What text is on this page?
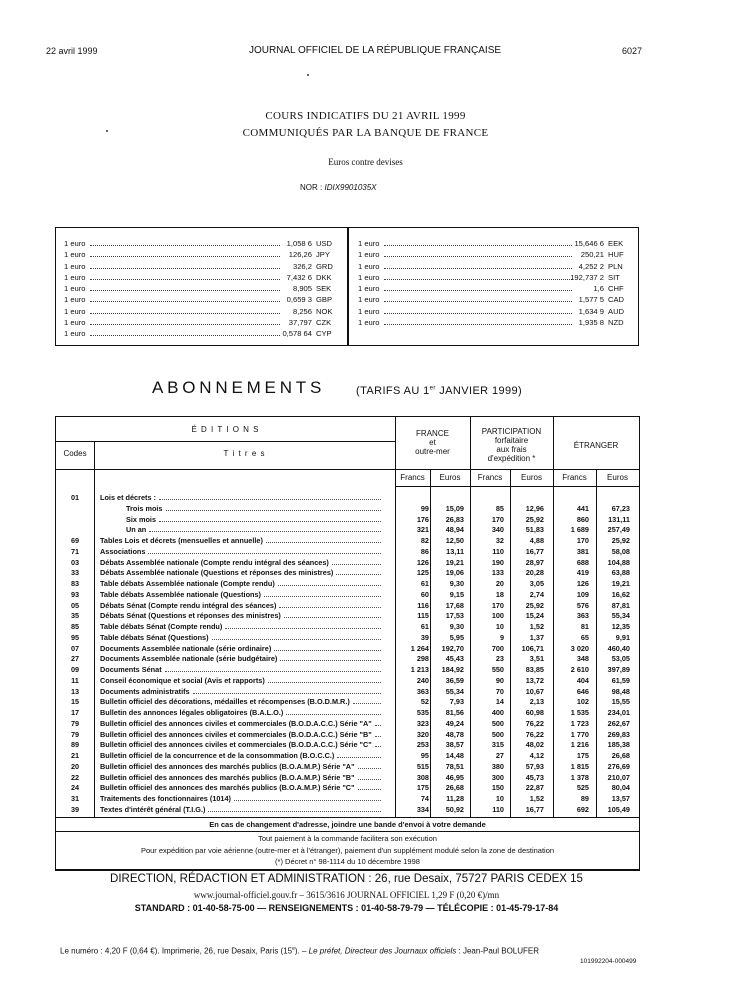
22 avril 1999	JOURNAL OFFICIEL DE LA RÉPUBLIQUE FRANÇAISE	6027
COURS INDICATIFS DU 21 AVRIL 1999
COMMUNIQUÉS PAR LA BANQUE DE FRANCE
Euros contre devises
NOR : IDIX9901035X
1 euro	1,058 6 USD
1 euro	126,26 JPY
1 euro	326,2 GRD
1 euro	7,432 6 DKK
1 euro	8,905 SEK
1 euro	0,659 3 GBP
1 euro	8,256 NOK
1 euro	37,797 CZK
1 euro	0,578 64 CYP
1 euro	15,646 6 EEK
1 euro	250,21 HUF
1 euro	4,252 2 PLN
1 euro	192,737 2 SIT
1 euro	1,6 CHF
1 euro	1,577 5 CAD
1 euro	1,634 9 AUD
1 euro	1,935 8 NZD
ABONNEMENTS	(TARIFS AU 1er JANVIER 1999)
É D I T I O N S
Codes	T i t r e s
FRANCE
et
outre-mer
PARTICIPATION
forfaitaire
aux frais
d'expédition *
ÉTRANGER
Francs	Euros	Francs	Euros	Francs	Euros
01	Lois et décrets :
Trois mois	99	15,09	85	12,96	441	67,23
Six mois	176	26,83	170	25,92	860	131,11
Un an	321	48,94	340	51,83	1 689	257,49
69	Tables Lois et décrets (mensuelles et annuelle)	82	12,50	32	4,88	170	25,92
71	Associations	86	13,11	110	16,77	381	58,08
03	Débats Assemblée nationale (Compte rendu intégral des séances)	126	19,21	190	28,97	688	104,88
33	Débats Assemblée nationale (Questions et réponses des ministres)	125	19,06	133	20,28	419	63,88
83	Table débats Assemblée nationale (Compte rendu)	61	9,30	20	3,05	126	19,21
93	Table débats Assemblée nationale (Questions)	60	9,15	18	2,74	109	16,62
05	Débats Sénat (Compte rendu intégral des séances)	116	17,68	170	25,92	576	87,81
35	Débats Sénat (Questions et réponses des ministres)	115	17,53	100	15,24	363	55,34
85	Table débats Sénat (Compte rendu)	61	9,30	10	1,52	81	12,35
95	Table débats Sénat (Questions)	39	5,95	9	1,37	65	9,91
07	Documents Assemblée nationale (série ordinaire)	1 264	192,70	700	106,71	3 020	460,40
27	Documents Assemblée nationale (série budgétaire)	298	45,43	23	3,51	348	53,05
09	Documents Sénat	1 213	184,92	550	83,85	2 610	397,89
11	Conseil économique et social (Avis et rapports)	240	36,59	90	13,72	404	61,59
13	Documents administratifs	363	55,34	70	10,67	646	98,48
15	Bulletin officiel des décorations, médailles et récompenses (B.O.D.M.R.)	52	7,93	14	2,13	102	15,55
17	Bulletin des annonces légales obligatoires (B.A.L.O.)	535	81,56	400	60,98	1 535	234,01
79	Bulletin officiel des annonces civiles et commerciales (B.O.D.A.C.C.) Série "A"	323	49,24	500	76,22	1 723	262,67
79	Bulletin officiel des annonces civiles et commerciales (B.O.D.A.C.C.) Série "B"	320	48,78	500	76,22	1 770	269,83
89	Bulletin officiel des annonces civiles et commerciales (B.O.D.A.C.C.) Série "C"	253	38,57	315	48,02	1 216	185,38
21	Bulletin officiel de la concurrence et de la consommation (B.O.C.C.)	95	14,48	27	4,12	175	26,68
20	Bulletin officiel des annonces des marchés publics (B.O.A.M.P.) Série "A"	515	78,51	380	57,93	1 815	276,69
22	Bulletin officiel des annonces des marchés publics (B.O.A.M.P.) Série "B"	308	46,95	300	45,73	1 378	210,07
24	Bulletin officiel des annonces des marchés publics (B.O.A.M.P.) Série "C"	175	26,68	150	22,87	525	80,04
31	Traitements des fonctionnaires (1014)	74	11,28	10	1,52	89	13,57
39	Textes d'intérêt général (T.I.G.)	334	50,92	110	16,77	692	105,49
En cas de changement d'adresse, joindre une bande d'envoi à votre demande
Tout paiement à la commande facilitera son exécution
Pour expédition par voie aérienne (outre-mer et à l'étranger), paiement d'un supplément modulé selon la zone de destination
(*) Décret n° 98-1114 du 10 décembre 1998
DIRECTION, RÉDACTION ET ADMINISTRATION : 26, rue Desaix, 75727 PARIS CEDEX 15
www.journal-officiel.gouv.fr – 3615/3616 JOURNAL OFFICIEL 1,29 F (0,20 €)/mn
STANDARD : 01-40-58-75-00 — RENSEIGNEMENTS : 01-40-58-79-79 — TÉLÉCOPIE : 01-45-79-17-84
Le numéro : 4,20 F (0,64 €). Imprimerie, 26, rue Desaix, Paris (15e). – Le préfet, Directeur des Journaux officiels : Jean-Paul BOLUFER
101992204-000499
